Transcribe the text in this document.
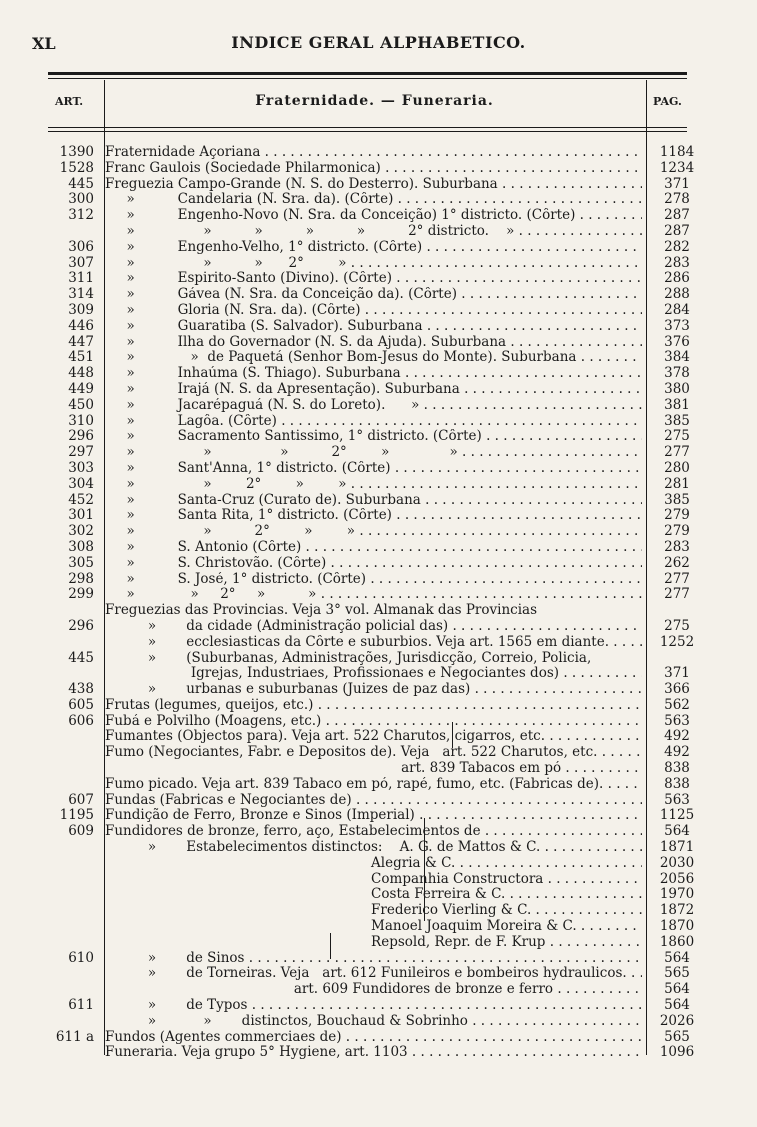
XL	INDICE GERAL ALPHABETICO.
ART.	Fraternidade. — Funeraria.	PAG.
1390 Fraternidade Açoriana . . .	1184
1528 Franc Gaulois (Sociedade Philarmonica) . . .	1234
445 Freguezia Campo-Grande (N. S. do Desterro). Suburbana . . .	371
300 »          Candelaria (N. Sra. da). (Côrte) . . .	278
312 »          Engenho-Novo (N. Sra. da Conceição) 1° districto. (Côrte) . . .	287
»                »          »          »          »          2° districto.    » . . .	287
306 »          Engenho-Velho, 1° districto. (Côrte) . . .	282
307 »                »          »      2°        » . . .	283
311 »          Espirito-Santo (Divino). (Côrte) . . .	286
314 »          Gávea (N. Sra. da Conceição da). (Côrte) . . .	288
309 »          Gloria (N. Sra. da). (Côrte) . . .	284
446 »          Guaratiba (S. Salvador). Suburbana . . .	373
447 »          Ilha do Governador (N. S. da Ajuda). Suburbana . . .	376
451 »             »  de Paquetá (Senhor Bom-Jesus do Monte). Suburbana . . .	384
448 »          Inhaúma (S. Thiago). Suburbana . . .	378
449 »          Irajá (N. S. da Apresentação). Suburbana . . .	380
450 »          Jacarépaguá (N. S. do Loreto).      » . . .	381
310 »          Lagôa. (Côrte) . . .	385
296 »          Sacramento Santissimo, 1° districto. (Côrte) . . .	275
297 »                »                »          2°        »              » . . .	277
303 »          Sant'Anna, 1° districto. (Côrte) . . .	280
304 »                »        2°        »        » . . .	281
452 »          Santa-Cruz (Curato de). Suburbana . . .	385
301 »          Santa Rita, 1° districto. (Côrte) . . .	279
302 »                »          2°        »        » . . .	279
308 »          S. Antonio (Côrte) . . .	283
305 »          S. Christovão. (Côrte) . . .	262
298 »          S. José, 1° districto. (Côrte) . . .	277
299 »             »     2°     »          » . . .	277
Freguezias das Provincias. Veja 3° vol. Almanak das Provincias
296 »       da cidade (Administração policial das) . . .	275
»       ecclesiasticas da Côrte e suburbios. Veja art. 1565 em diante. . . .	1252
445 »       (Suburbanas, Administrações, Jurisdicção, Correio, Policia,
Igrejas, Industriaes, Profissionaes e Negociantes dos) . . .	371
438 »       urbanas e suburbanas (Juizes de paz das) . . .	366
605 Frutas (legumes, queijos, etc.) . . .	562
606 Fubá e Polvilho (Moagens, etc.) . . .	563
Fumantes (Objectos para). Veja art. 522 Charutos, cigarros, etc. . . .	492
Fumo (Negociantes, Fabr. e Depositos de). Veja   art. 522 Charutos, etc. . . .	492
art. 839 Tabacos em pó . . .	838
Fumo picado. Veja art. 839 Tabaco em pó, rapé, fumo, etc. (Fabricas de). . . .	838
607 Fundas (Fabricas e Negociantes de) . . .	563
1195 Fundição de Ferro, Bronze e Sinos (Imperial) . . .	1125
609 Fundidores de bronze, ferro, aço, Estabelecimentos de . . .	564
»       Estabelecimentos distinctos:    A. G. de Mattos & C. . . .	1871
Alegria & C. . . .	2030
Companhia Constructora . . .	2056
Costa Ferreira & C. . . .	1970
Frederico Vierling & C. . . .	1872
Manoel Joaquim Moreira & C. . . .	1870
Repsold, Repr. de F. Krup . . .	1860
610 »       de Sinos . . .	564
»       de Torneiras. Veja   art. 612 Funileiros e bombeiros hydraulicos. . . .	565
art. 609 Fundidores de bronze e ferro . . .	564
611 »       de Typos . . .	564
»           »       distinctos, Bouchaud & Sobrinho . . .	2026
611 a Fundos (Agentes commerciaes de) . . .	565
Funeraria. Veja grupo 5° Hygiene, art. 1103 . . .	1096
